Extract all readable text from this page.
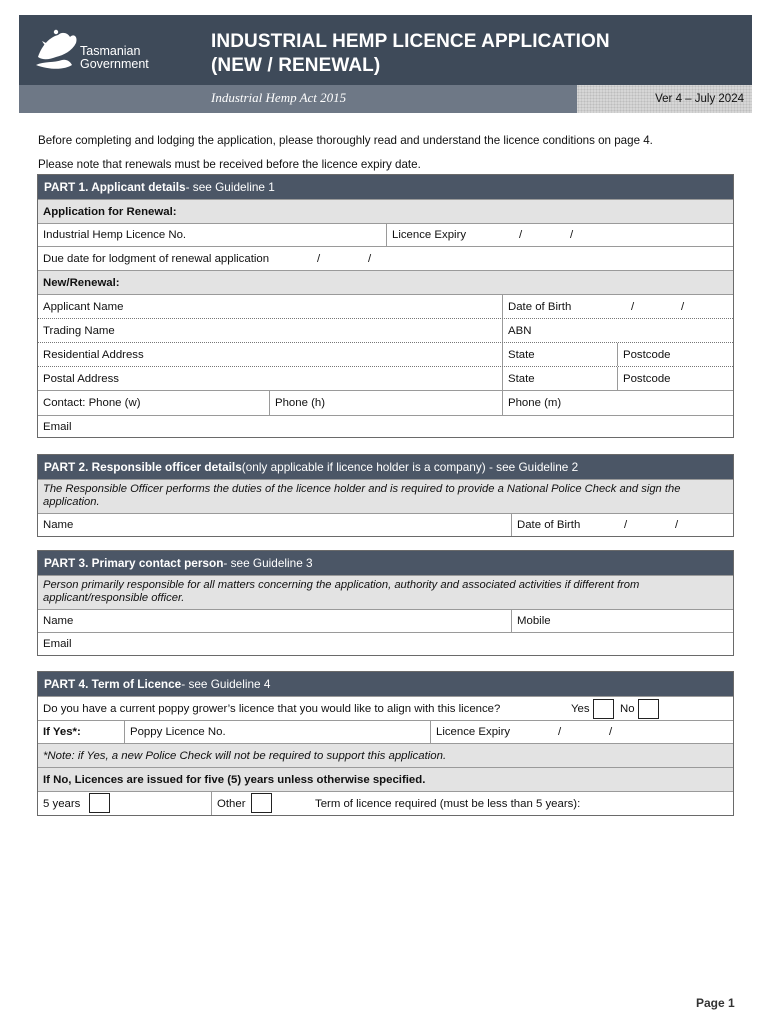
Ver 4 – July 2024
Tasmanian
Government
INDUSTRIAL HEMP LICENCE APPLICATION
(NEW / RENEWAL)
Industrial Hemp Act 2015
Before completing and lodging the application, please thoroughly read and understand the licence conditions on page 4.
Please note that renewals must be received before the licence expiry date.
PART 1. Applicant details - see Guideline 1
Application for Renewal:
Industrial Hemp Licence No.	Licence Expiry	/	/
Due date for lodgment of renewal application	/	/
New/Renewal:
Applicant Name	Date of Birth	/	/
Trading Name	ABN
Residential Address	State	Postcode
Postal Address	State	Postcode
Contact: Phone (w)	Phone (h)	Phone (m)
Email
PART 2. Responsible officer details (only applicable if licence holder is a company) - see Guideline 2
The Responsible Officer performs the duties of the licence holder and is required to provide a National Police Check and sign the application.
Name	Date of Birth	/	/
PART 3. Primary contact person - see Guideline 3
Person primarily responsible for all matters concerning the application, authority and associated activities if different from applicant/responsible officer.
Name	Mobile
Email
PART 4. Term of Licence - see Guideline 4
Do you have a current poppy grower’s licence that you would like to align with this licence?	Yes	No
If Yes*:	Poppy Licence No.	Licence Expiry	/	/
*Note: if Yes, a new Police Check will not be required to support this application.
If No, Licences are issued for five (5) years unless otherwise specified.
5 years	Other	Term of licence required (must be less than 5 years):
Page 1
